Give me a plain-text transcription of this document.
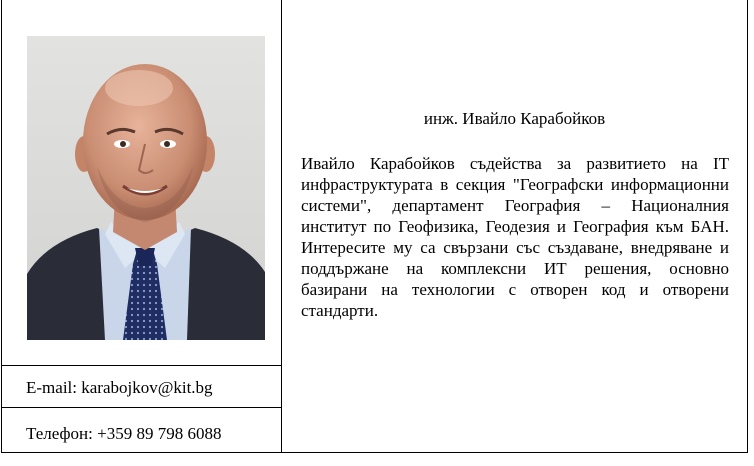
E-mail: karabojkov@kit.bg
Телефон: +359 89 798 6088
инж. Ивайло Карабойков
Ивайло Карабойков съдейства за развитието на IT инфраструктурата в секция "Географски информационни системи", департамент География – Националния институт по Геофизика, Геодезия и География към БАН. Интересите му са свързани със създаване, внедряване и поддържане на комплексни ИТ решения, основно базирани на технологии с отворен код и отворени стандарти.
